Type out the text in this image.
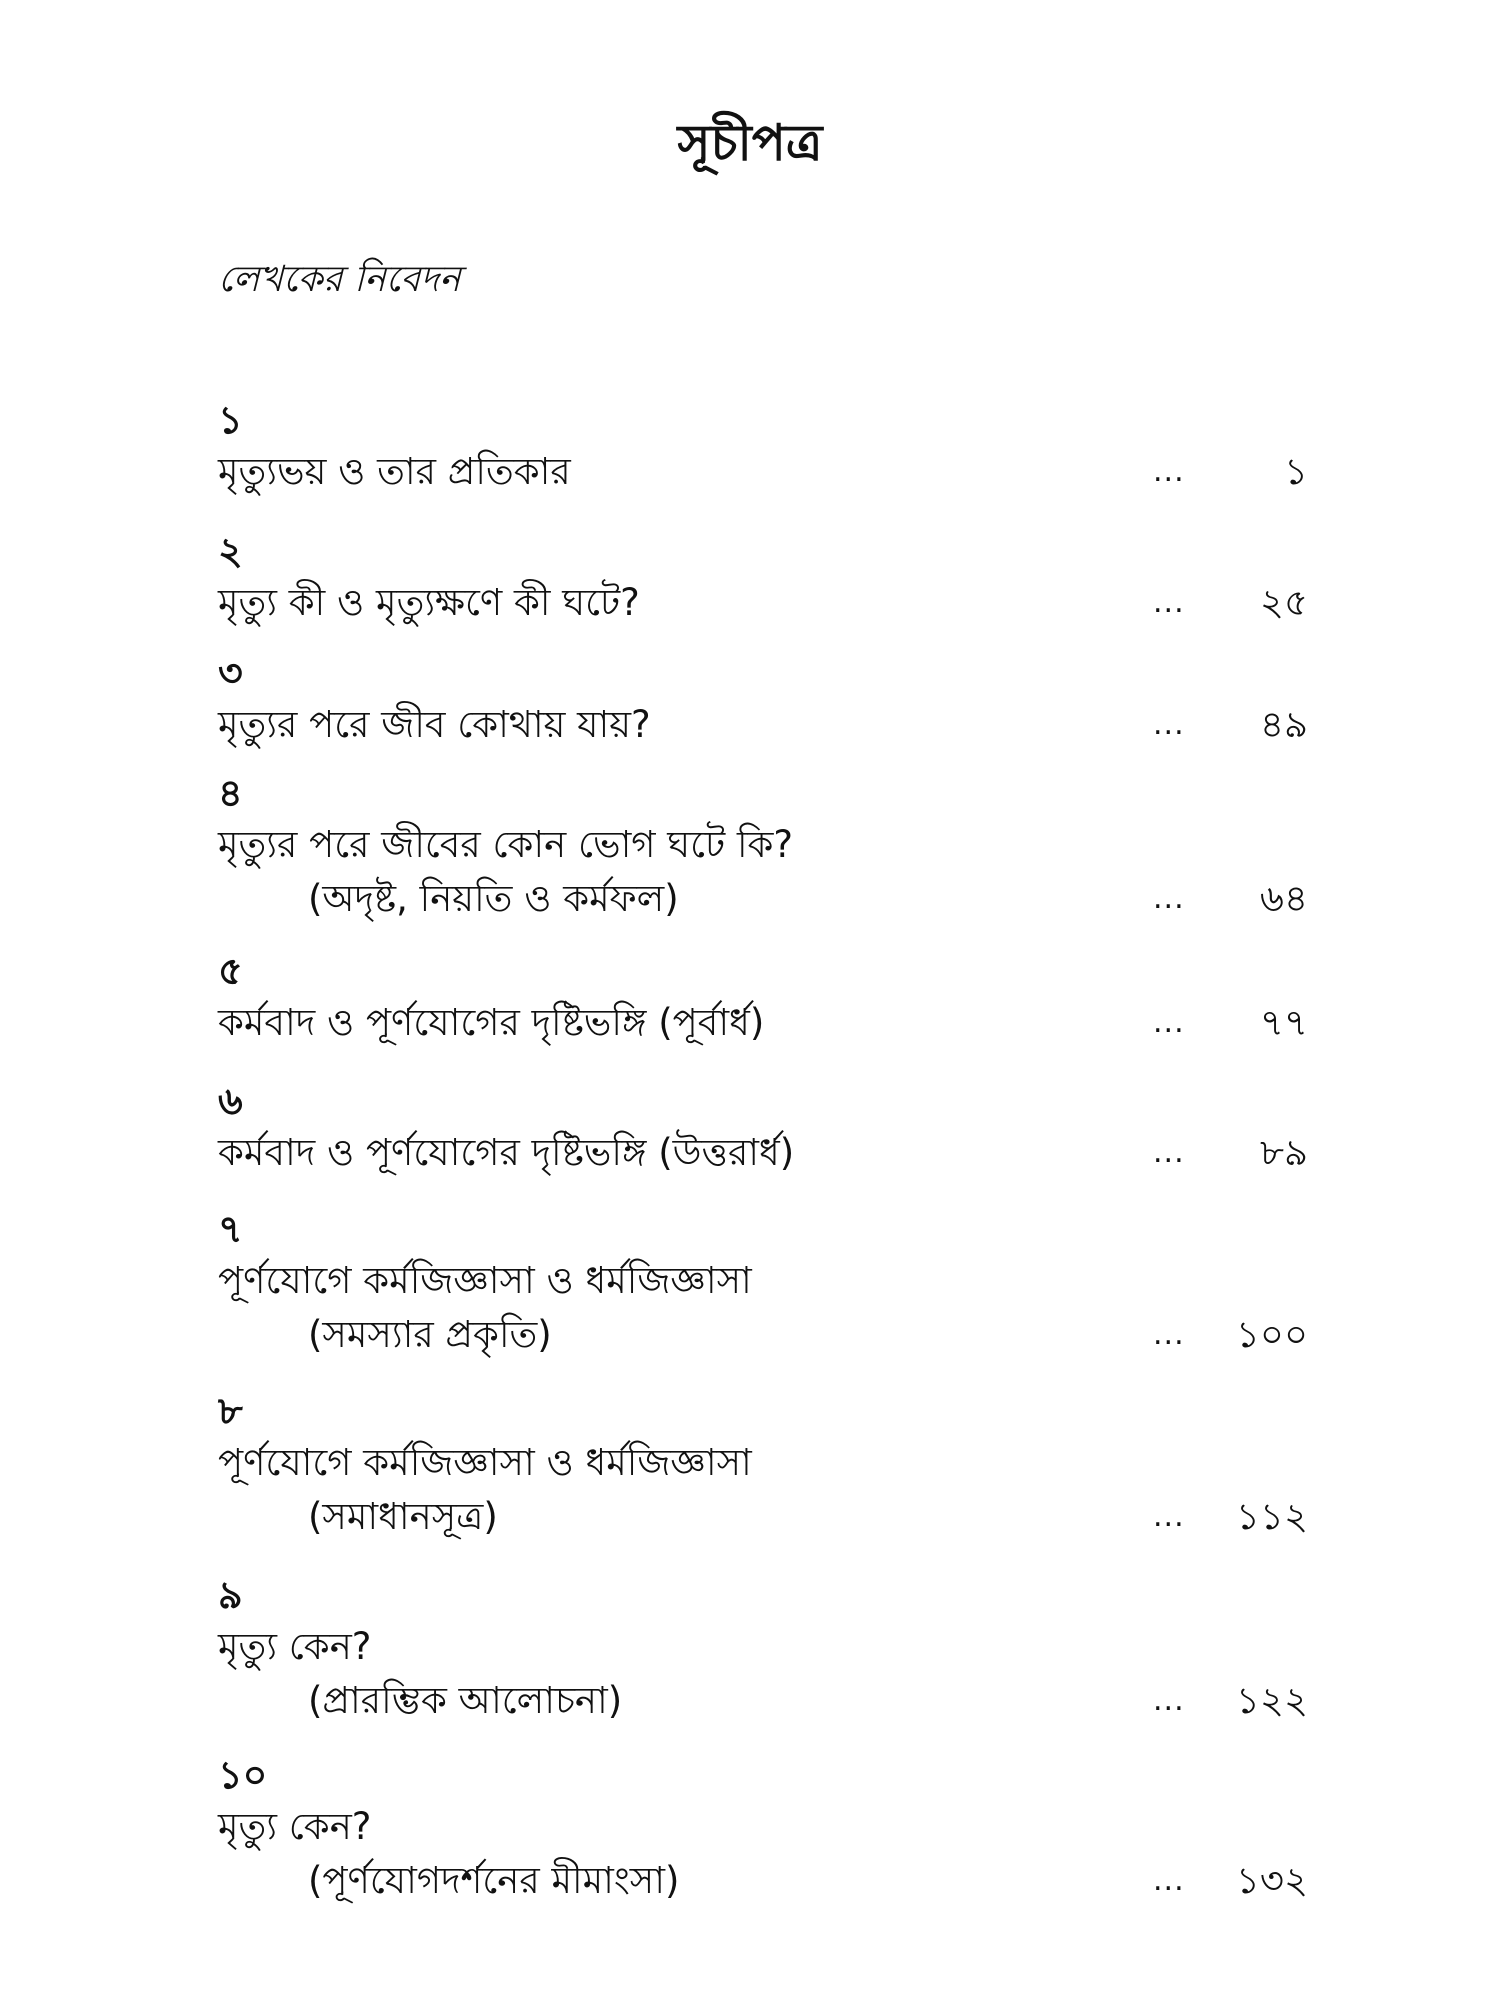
সূচীপত্র
লেখকের নিবেদন
১
মৃত্যুভয় ও তার প্রতিকার	...	১
২
মৃত্যু কী ও মৃত্যুক্ষণে কী ঘটে?	... ২৫
৩
মৃত্যুর পরে জীব কোথায় যায়?	... ৪৯
৪
মৃত্যুর পরে জীবের কোন ভোগ ঘটে কি?
(অদৃষ্ট, নিয়তি ও কর্মফল)	... ৬৪
৫
কর্মবাদ ও পূর্ণযোগের দৃষ্টিভঙ্গি (পূর্বার্ধ)	... ৭৭
৬
কর্মবাদ ও পূর্ণযোগের দৃষ্টিভঙ্গি (উত্তরার্ধ)	... ৮৯
৭
পূর্ণযোগে কর্মজিজ্ঞাসা ও ধর্মজিজ্ঞাসা
(সমস্যার প্রকৃতি)	... ১০০
৮
পূর্ণযোগে কর্মজিজ্ঞাসা ও ধর্মজিজ্ঞাসা
(সমাধানসূত্র)	... ১১২
৯
মৃত্যু কেন?
(প্রারম্ভিক আলোচনা)	... ১২২
১০
মৃত্যু কেন?
(পূর্ণযোগদর্শনের মীমাংসা)	... ১৩২
